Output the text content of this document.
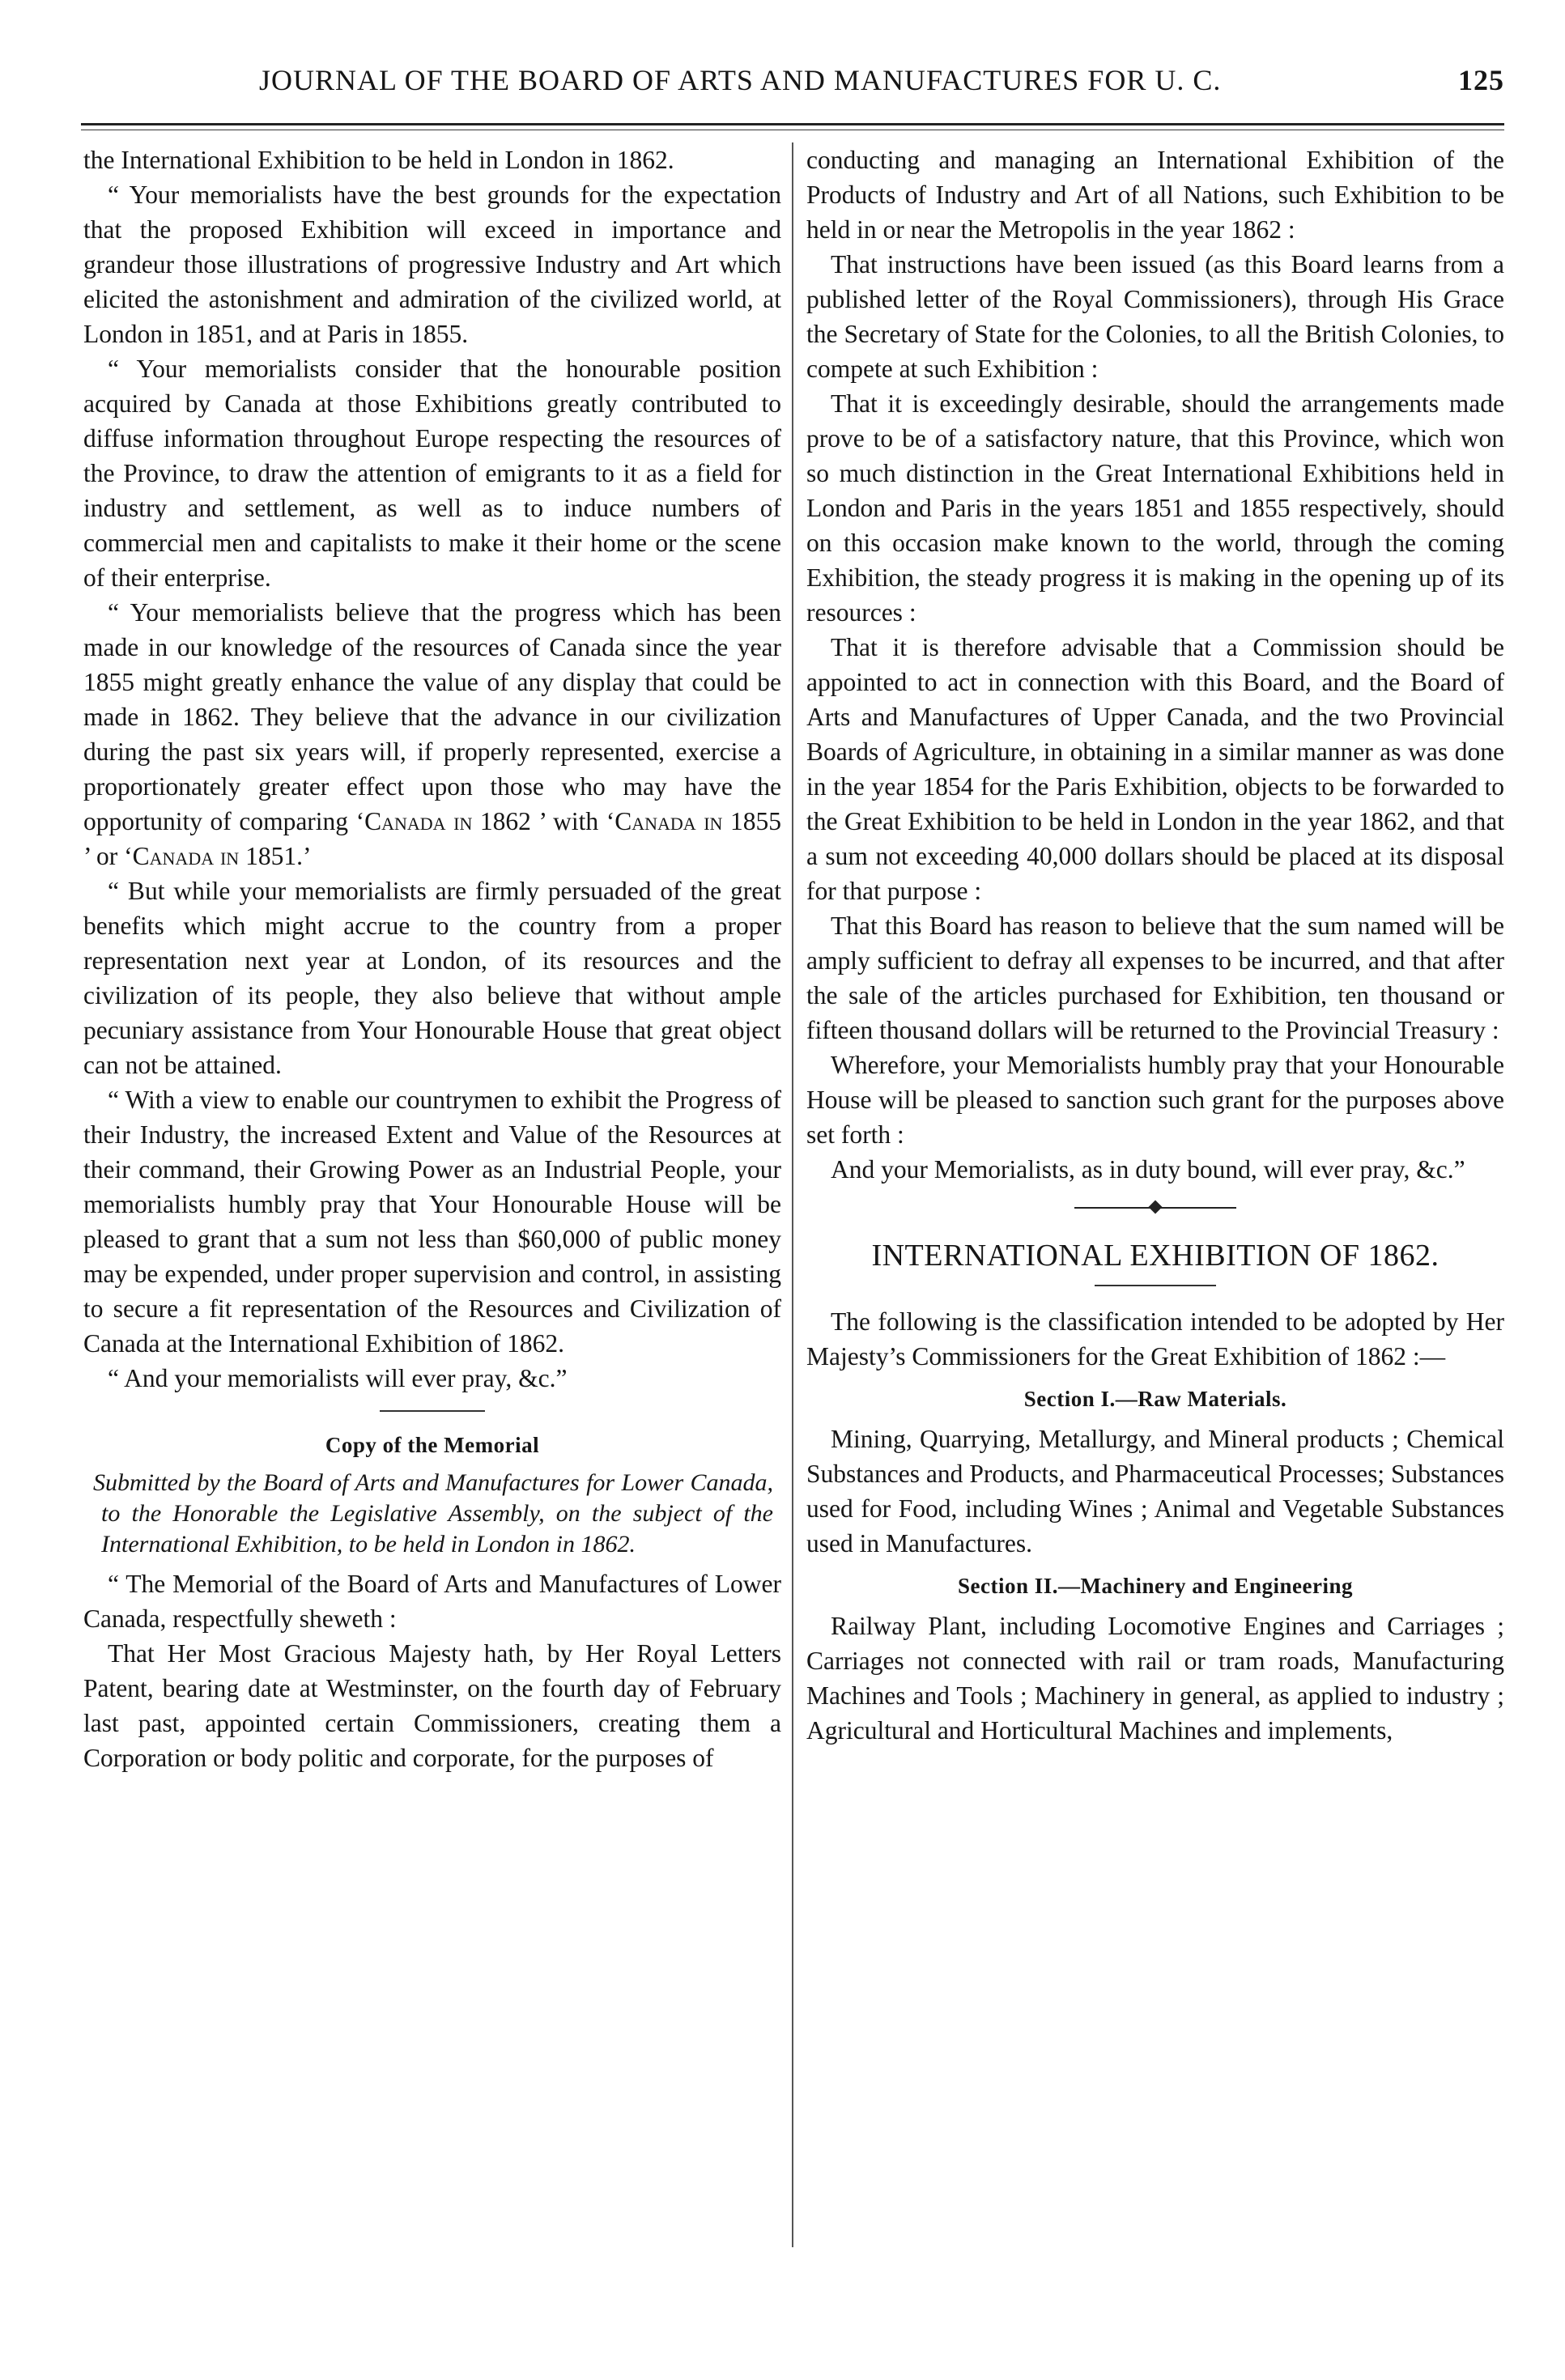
JOURNAL OF THE BOARD OF ARTS AND MANUFACTURES FOR U. C.	125

the International Exhibition to be held in London in 1862.

“ Your memorialists have the best grounds for the expectation that the proposed Exhibition will exceed in importance and grandeur those illustrations of progressive Industry and Art which elicited the astonishment and admiration of the civilized world, at London in 1851, and at Paris in 1855.

“ Your memorialists consider that the honourable position acquired by Canada at those Exhibitions greatly contributed to diffuse information throughout Europe respecting the resources of the Province, to draw the attention of emigrants to it as a field for industry and settlement, as well as to induce numbers of commercial men and capitalists to make it their home or the scene of their enterprise.

“ Your memorialists believe that the progress which has been made in our knowledge of the resources of Canada since the year 1855 might greatly enhance the value of any display that could be made in 1862. They believe that the advance in our civilization during the past six years will, if properly represented, exercise a proportionately greater effect upon those who may have the opportunity of comparing ‘Canada in 1862 ’ with ‘Canada in 1855 ’ or ‘Canada in 1851.’

“ But while your memorialists are firmly persuaded of the great benefits which might accrue to the country from a proper representation next year at London, of its resources and the civilization of its people, they also believe that without ample pecuniary assistance from Your Honourable House that great object can not be attained.

“ With a view to enable our countrymen to exhibit the Progress of their Industry, the increased Extent and Value of the Resources at their command, their Growing Power as an Industrial People, your memorialists humbly pray that Your Honourable House will be pleased to grant that a sum not less than $60,000 of public money may be expended, under proper supervision and control, in assisting to secure a fit representation of the Resources and Civilization of Canada at the International Exhibition of 1862.

“ And your memorialists will ever pray, &c.”

Copy of the Memorial

Submitted by the Board of Arts and Manufactures for Lower Canada, to the Honorable the Legislative Assembly, on the subject of the International Exhibition, to be held in London in 1862.

“ The Memorial of the Board of Arts and Manufactures of Lower Canada, respectfully sheweth :

That Her Most Gracious Majesty hath, by Her Royal Letters Patent, bearing date at Westminster, on the fourth day of February last past, appointed certain Commissioners, creating them a Corporation or body politic and corporate, for the purposes of

conducting and managing an International Exhibition of the Products of Industry and Art of all Nations, such Exhibition to be held in or near the Metropolis in the year 1862 :

That instructions have been issued (as this Board learns from a published letter of the Royal Commissioners), through His Grace the Secretary of State for the Colonies, to all the British Colonies, to compete at such Exhibition :

That it is exceedingly desirable, should the arrangements made prove to be of a satisfactory nature, that this Province, which won so much distinction in the Great International Exhibitions held in London and Paris in the years 1851 and 1855 respectively, should on this occasion make known to the world, through the coming Exhibition, the steady progress it is making in the opening up of its resources :

That it is therefore advisable that a Commission should be appointed to act in connection with this Board, and the Board of Arts and Manufactures of Upper Canada, and the two Provincial Boards of Agriculture, in obtaining in a similar manner as was done in the year 1854 for the Paris Exhibition, objects to be forwarded to the Great Exhibition to be held in London in the year 1862, and that a sum not exceeding 40,000 dollars should be placed at its disposal for that purpose :

That this Board has reason to believe that the sum named will be amply sufficient to defray all expenses to be incurred, and that after the sale of the articles purchased for Exhibition, ten thousand or fifteen thousand dollars will be returned to the Provincial Treasury :

Wherefore, your Memorialists humbly pray that your Honourable House will be pleased to sanction such grant for the purposes above set forth :

And your Memorialists, as in duty bound, will ever pray, &c.”

INTERNATIONAL EXHIBITION OF 1862.

The following is the classification intended to be adopted by Her Majesty’s Commissioners for the Great Exhibition of 1862 :—

Section I.—Raw Materials.

Mining, Quarrying, Metallurgy, and Mineral products ; Chemical Substances and Products, and Pharmaceutical Processes; Substances used for Food, including Wines ; Animal and Vegetable Substances used in Manufactures.

Section II.—Machinery and Engineering

Railway Plant, including Locomotive Engines and Carriages ; Carriages not connected with rail or tram roads, Manufacturing Machines and Tools ; Machinery in general, as applied to industry ; Agricultural and Horticultural Machines and implements,
